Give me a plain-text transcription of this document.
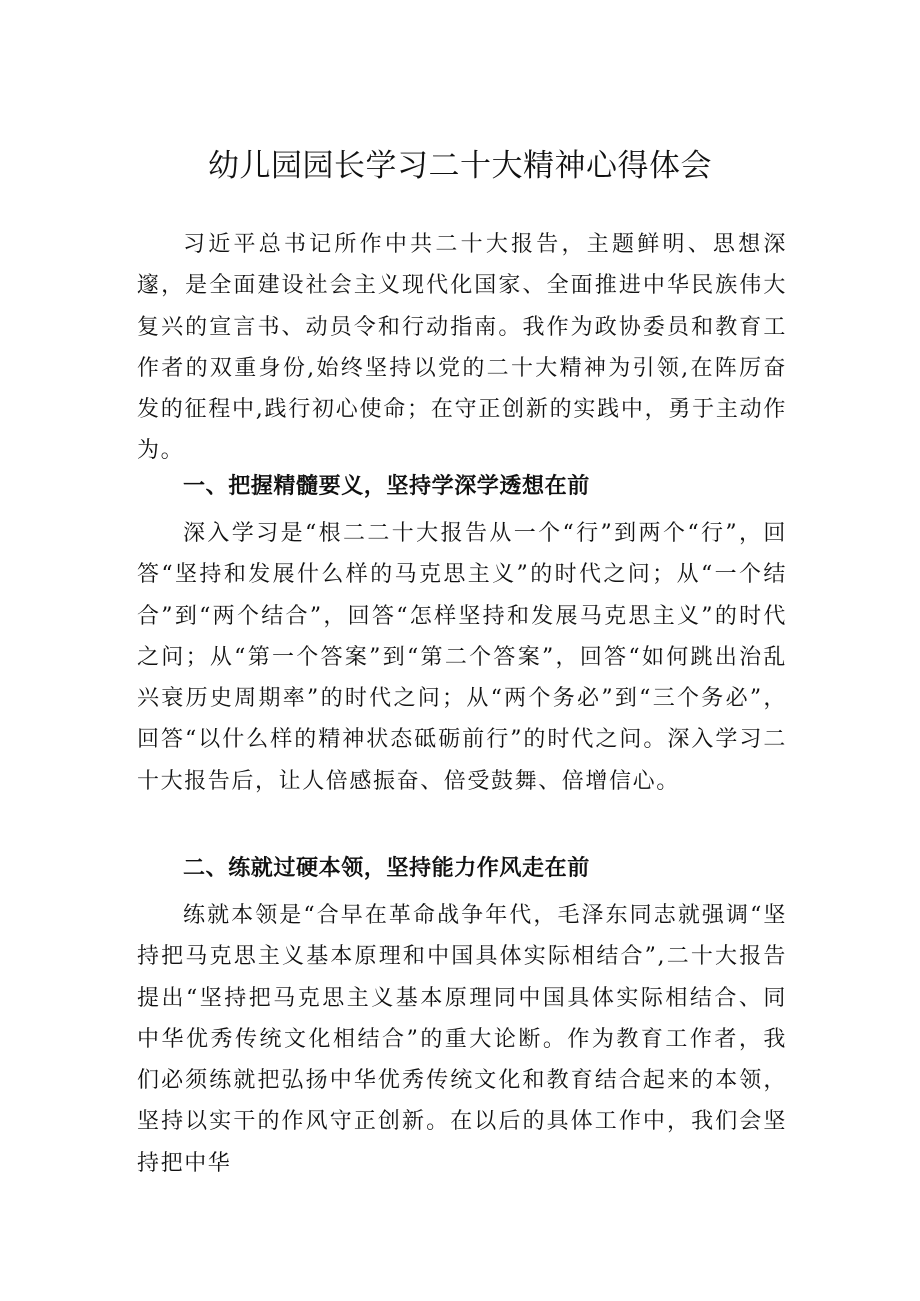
幼儿园园长学习二十大精神心得体会

习近平总书记所作中共二十大报告，主题鲜明、思想深邃，是全面建设社会主义现代化国家、全面推进中华民族伟大复兴的宣言书、动员令和行动指南。我作为政协委员和教育工作者的双重身份,始终坚持以党的二十大精神为引领,在阵厉奋发的征程中,践行初心使命；在守正创新的实践中，勇于主动作为。

一、把握精髓要义，坚持学深学透想在前

深入学习是“根二二十大报告从一个“行”到两个“行”，回答“坚持和发展什么样的马克思主义”的时代之问；从“一个结合”到“两个结合”，回答“怎样坚持和发展马克思主义”的时代之问；从“第一个答案”到“第二个答案”，回答“如何跳出治乱兴衰历史周期率”的时代之问；从“两个务必”到“三个务必”，回答“以什么样的精神状态砥砺前行”的时代之问。深入学习二十大报告后，让人倍感振奋、倍受鼓舞、倍增信心。

二、练就过硬本领，坚持能力作风走在前

练就本领是“合早在革命战争年代，毛泽东同志就强调“坚持把马克思主义基本原理和中国具体实际相结合”,二十大报告提出“坚持把马克思主义基本原理同中国具体实际相结合、同中华优秀传统文化相结合”的重大论断。作为教育工作者，我们必须练就把弘扬中华优秀传统文化和教育结合起来的本领，坚持以实干的作风守正创新。在以后的具体工作中，我们会坚持把中华
